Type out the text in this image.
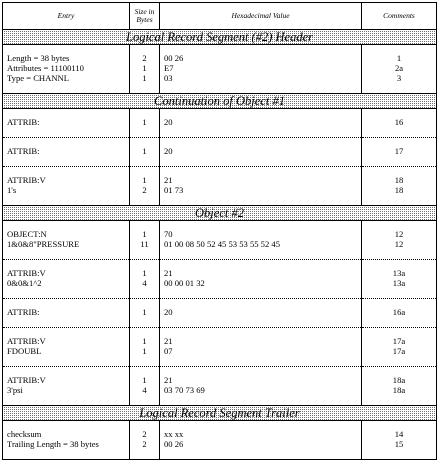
Entry	Size in Bytes	Hexadecimal Value	Comments
Logical Record Segment (#2) Header			

Length = 38 bytes	2	00 26	1
Attributes = 11100110	1	E7	2a
Type = CHANNL	1	03	3

Continuation of Object #1			

ATTRIB:	1	20	16

ATTRIB:	1	20	17

ATTRIB:V	1	21	18
1's	2	01 73	18

Object #2			

OBJECT:N	1	70	12
1&0&8"PRESSURE	11	01 00 08 50 52 45 53 53 55 52 45	12

ATTRIB:V	1	21	13a
0&0&1^2	4	00 00 01 32	13a

ATTRIB:	1	20	16a

ATTRIB:V	1	21	17a
FDOUBL	1	07	17a

ATTRIB:V	1	21	18a
3'psi	4	03 70 73 69	18a

Logical Record Segment Trailer			

checksum	2	xx xx	14
Trailing Length = 38 bytes	2	00 26	15
